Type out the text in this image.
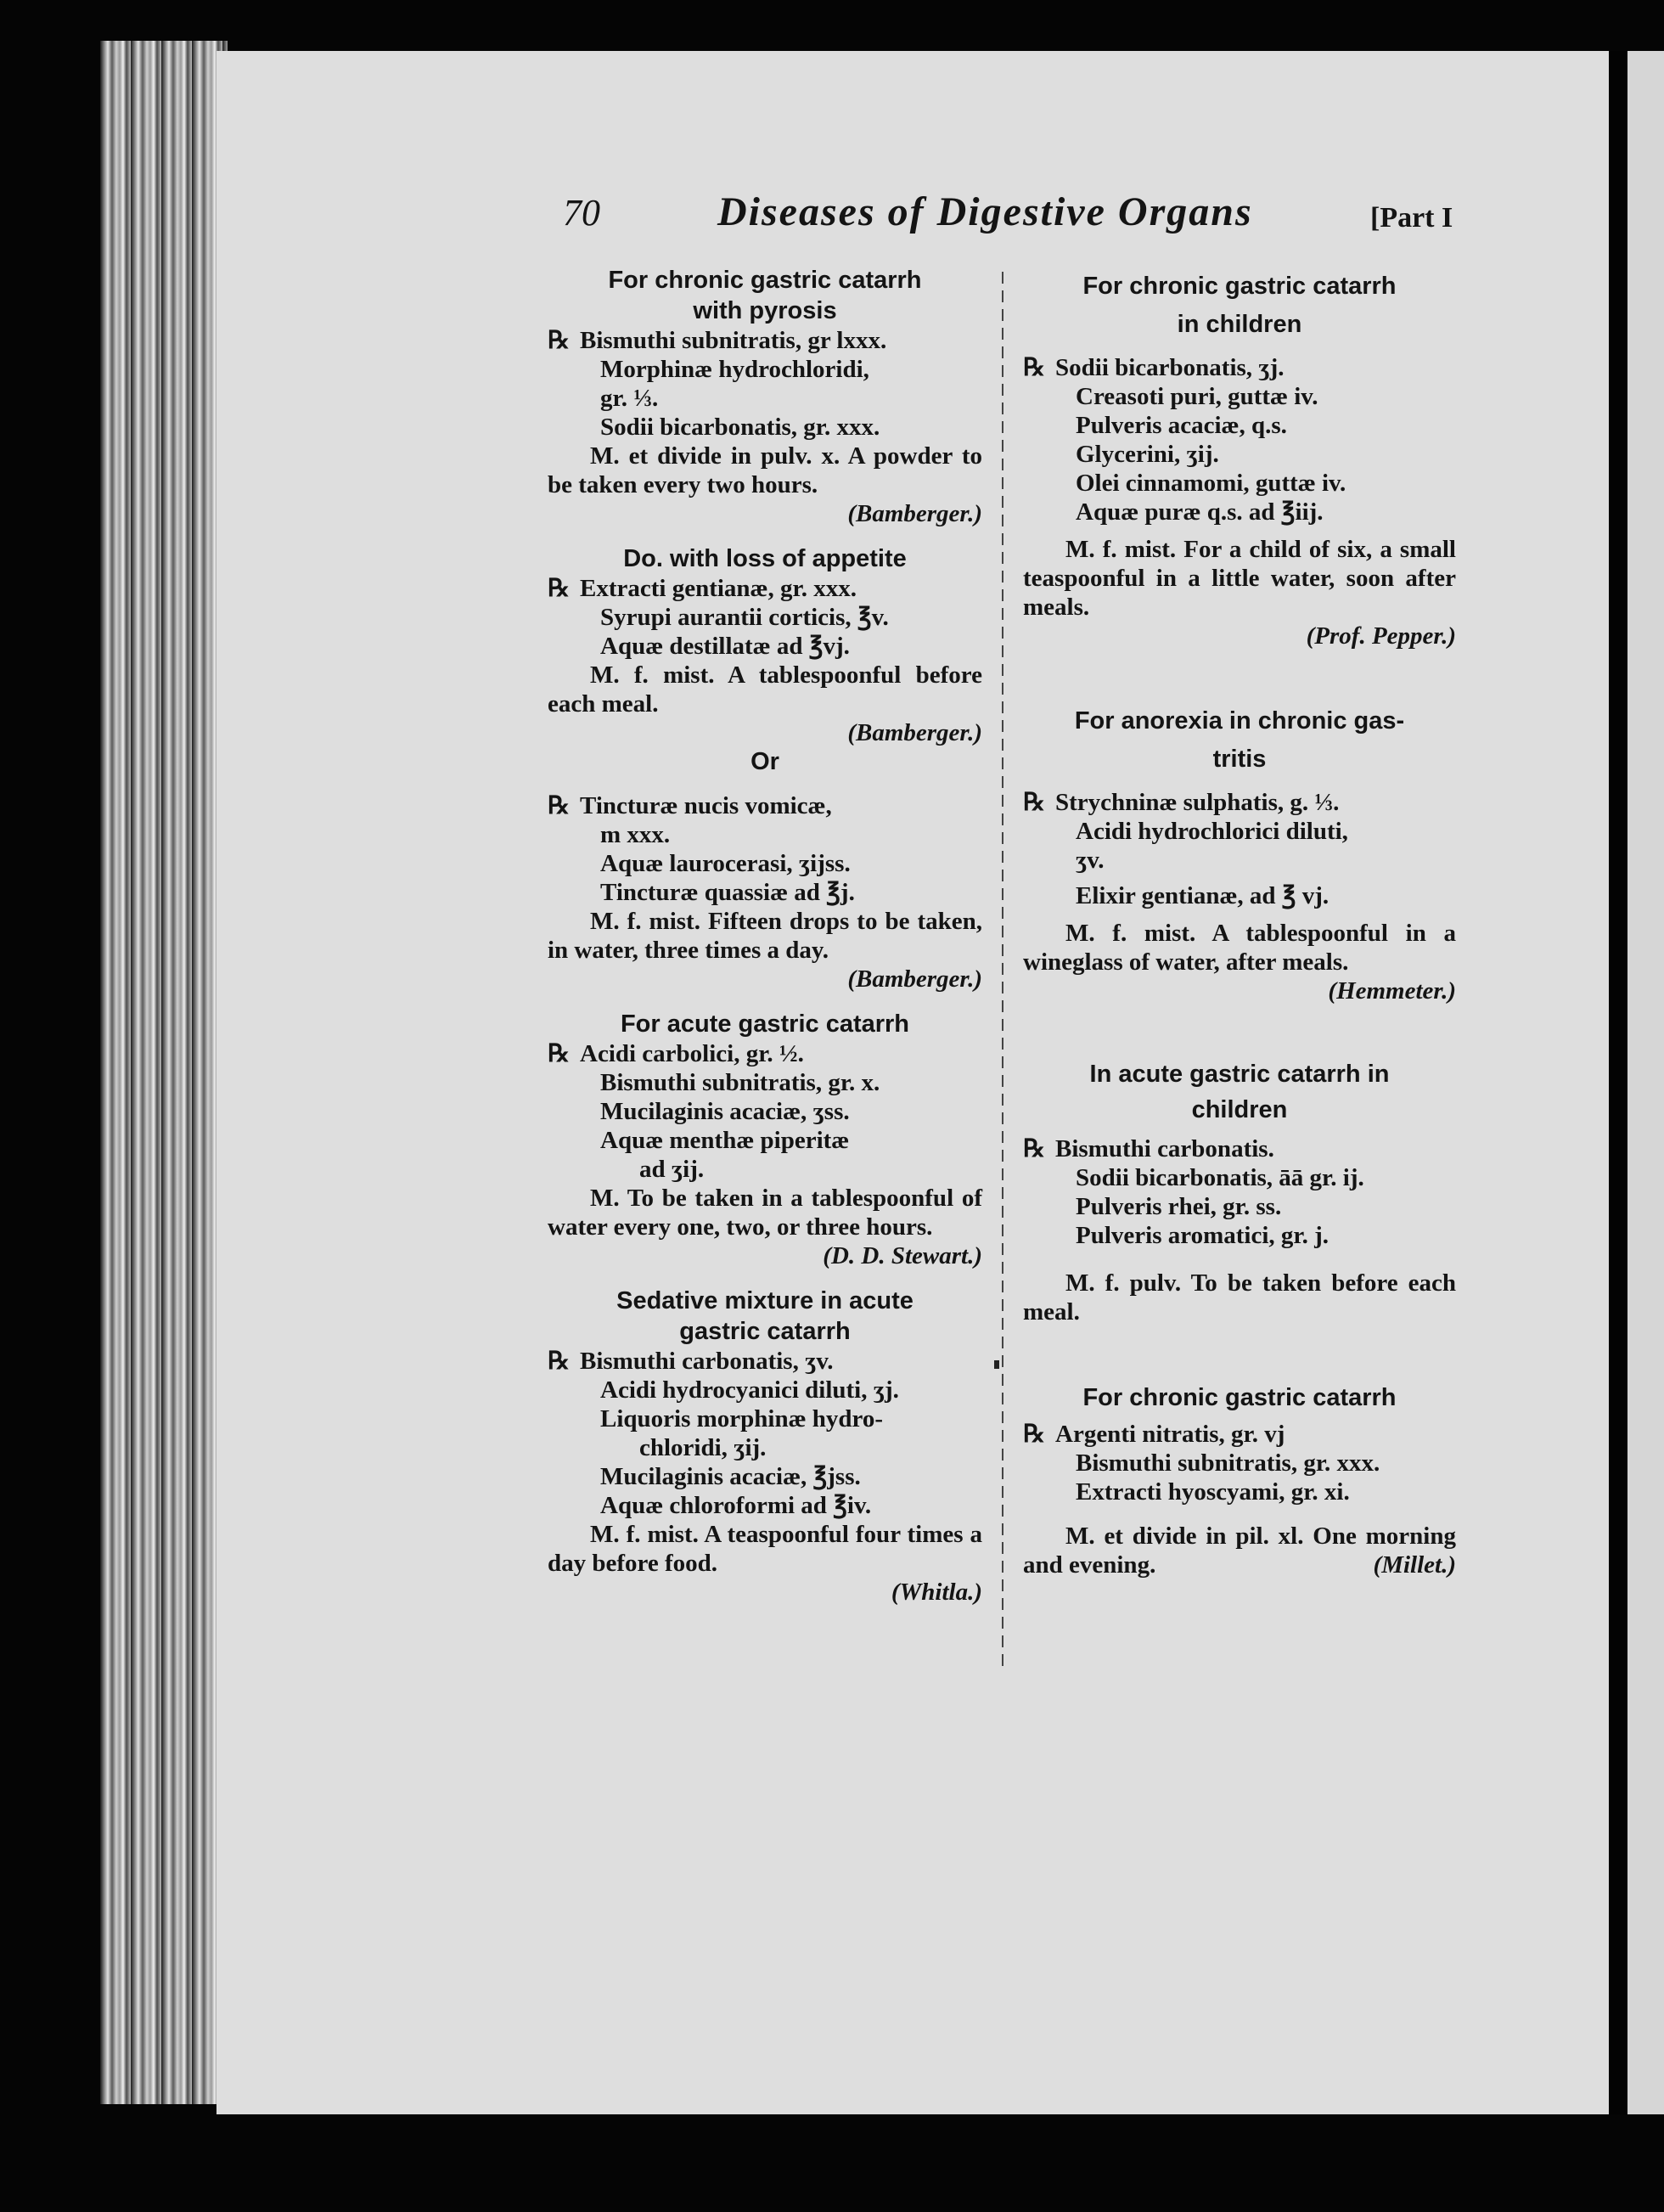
70	Diseases of Digestive Organs	[Part I
For chronic gastric catarrh
with pyrosis
℞ Bismuthi subnitratis, gr lxxx.
Morphinæ hydrochloridi,
gr. ⅓.
Sodii bicarbonatis, gr. xxx.
M. et divide in pulv. x. A powder to be taken every two hours.
(Bamberger.)
Do. with loss of appetite
℞ Extracti gentianæ, gr. xxx.
Syrupi aurantii corticis, ℥v.
Aquæ destillatæ ad ℥vj.
M. f. mist. A tablespoonful before each meal.
(Bamberger.)
Or
℞ Tincturæ nucis vomicæ,
m xxx.
Aquæ laurocerasi, ʒijss.
Tincturæ quassiæ ad ℥j.
M. f. mist. Fifteen drops to be taken, in water, three times a day.
(Bamberger.)
For acute gastric catarrh
℞ Acidi carbolici, gr. ½.
Bismuthi subnitratis, gr. x.
Mucilaginis acaciæ, ʒss.
Aquæ menthæ piperitæ
ad ʒij.
M. To be taken in a tablespoonful of water every one, two, or three hours.
(D. D. Stewart.)
Sedative mixture in acute
gastric catarrh
℞ Bismuthi carbonatis, ʒv.
Acidi hydrocyanici diluti, ʒj.
Liquoris morphinæ hydro-
chloridi, ʒij.
Mucilaginis acaciæ, ℥jss.
Aquæ chloroformi ad ℥iv.
M. f. mist. A teaspoonful four times a day before food.
(Whitla.)
For chronic gastric catarrh
in children
℞ Sodii bicarbonatis, ʒj.
Creasoti puri, guttæ iv.
Pulveris acaciæ, q.s.
Glycerini, ʒij.
Olei cinnamomi, guttæ iv.
Aquæ puræ q.s. ad ℥iij.
M. f. mist. For a child of six, a small teaspoonful in a little water, soon after meals.
(Prof. Pepper.)
For anorexia in chronic gas-
tritis
℞ Strychninæ sulphatis, g. ⅓.
Acidi hydrochlorici diluti,
ʒv.
Elixir gentianæ, ad ℥ vj.
M. f. mist. A tablespoonful in a wineglass of water, after meals.
(Hemmeter.)
In acute gastric catarrh in
children
℞ Bismuthi carbonatis.
Sodii bicarbonatis, āā gr. ij.
Pulveris rhei, gr. ss.
Pulveris aromatici, gr. j.
M. f. pulv. To be taken before each meal.
For chronic gastric catarrh
℞ Argenti nitratis, gr. vj
Bismuthi subnitratis, gr. xxx.
Extracti hyoscyami, gr. xi.
M. et divide in pil. xl. One morning and evening.	(Millet.)
